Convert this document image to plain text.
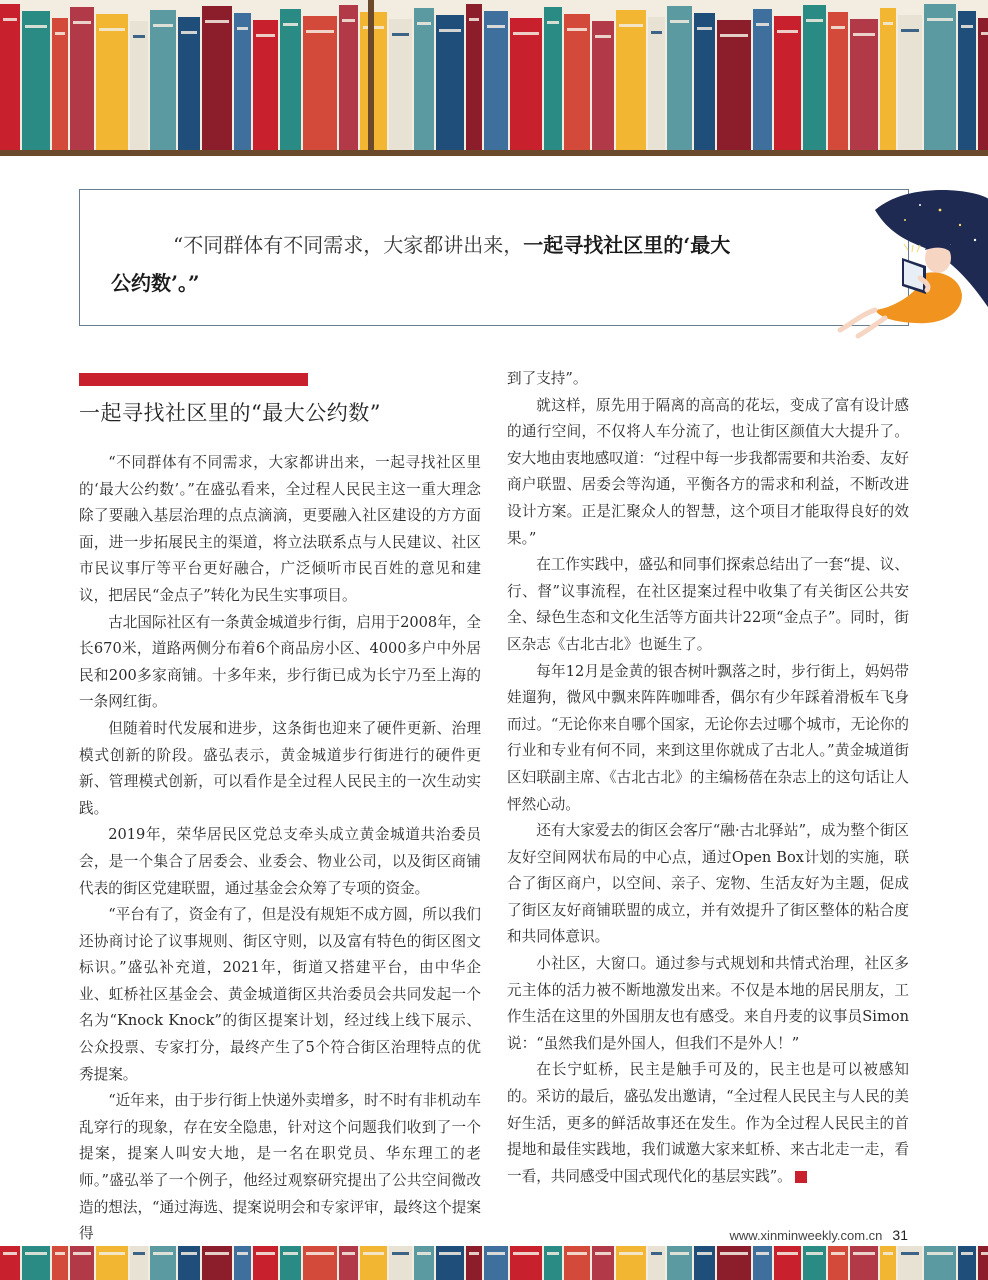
“不同群体有不同需求，大家都讲出来，一起寻找社区里的‘最大公约数’。”
一起寻找社区里的“最大公约数”

“不同群体有不同需求，大家都讲出来，一起寻找社区里的‘最大公约数’。”在盛弘看来，全过程人民民主这一重大理念除了要融入基层治理的点点滴滴，更要融入社区建设的方方面面，进一步拓展民主的渠道，将立法联系点与人民建议、社区市民议事厅等平台更好融合，广泛倾听市民百姓的意见和建议，把居民“金点子”转化为民生实事项目。

古北国际社区有一条黄金城道步行街，启用于2008年，全长670米，道路两侧分布着6个商品房小区、4000多户中外居民和200多家商铺。十多年来，步行街已成为长宁乃至上海的一条网红街。

但随着时代发展和进步，这条街也迎来了硬件更新、治理模式创新的阶段。盛弘表示，黄金城道步行街进行的硬件更新、管理模式创新，可以看作是全过程人民民主的一次生动实践。

2019年，荣华居民区党总支牵头成立黄金城道共治委员会，是一个集合了居委会、业委会、物业公司，以及街区商铺代表的街区党建联盟，通过基金会众筹了专项的资金。

“平台有了，资金有了，但是没有规矩不成方圆，所以我们还协商讨论了议事规则、街区守则，以及富有特色的街区图文标识。”盛弘补充道，2021年，街道又搭建平台，由中华企业、虹桥社区基金会、黄金城道街区共治委员会共同发起一个名为“Knock Knock”的街区提案计划，经过线上线下展示、公众投票、专家打分，最终产生了5个符合街区治理特点的优秀提案。

“近年来，由于步行街上快递外卖增多，时不时有非机动车乱穿行的现象，存在安全隐患，针对这个问题我们收到了一个提案，提案人叫安大地，是一名在职党员、华东理工的老师。”盛弘举了一个例子，他经过观察研究提出了公共空间微改造的想法，“通过海选、提案说明会和专家评审，最终这个提案得

到了支持”。

就这样，原先用于隔离的高高的花坛，变成了富有设计感的通行空间，不仅将人车分流了，也让街区颜值大大提升了。安大地由衷地感叹道：“过程中每一步我都需要和共治委、友好商户联盟、居委会等沟通，平衡各方的需求和利益，不断改进设计方案。正是汇聚众人的智慧，这个项目才能取得良好的效果。”

在工作实践中，盛弘和同事们探索总结出了一套“提、议、行、督”议事流程，在社区提案过程中收集了有关街区公共安全、绿色生态和文化生活等方面共计22项“金点子”。同时，街区杂志《古北古北》也诞生了。

每年12月是金黄的银杏树叶飘落之时，步行街上，妈妈带娃遛狗，微风中飘来阵阵咖啡香，偶尔有少年踩着滑板车飞身而过。“无论你来自哪个国家，无论你去过哪个城市，无论你的行业和专业有何不同，来到这里你就成了古北人。”黄金城道街区妇联副主席、《古北古北》的主编杨蓓在杂志上的这句话让人怦然心动。

还有大家爱去的街区会客厅“融·古北驿站”，成为整个街区友好空间网状布局的中心点，通过Open Box计划的实施，联合了街区商户，以空间、亲子、宠物、生活友好为主题，促成了街区友好商铺联盟的成立，并有效提升了街区整体的粘合度和共同体意识。

小社区，大窗口。通过参与式规划和共情式治理，社区多元主体的活力被不断地激发出来。不仅是本地的居民朋友，工作生活在这里的外国朋友也有感受。来自丹麦的议事员Simon说：“虽然我们是外国人，但我们不是外人！”

在长宁虹桥，民主是触手可及的，民主也是可以被感知的。采访的最后，盛弘发出邀请，“全过程人民民主与人民的美好生活，更多的鲜活故事还在发生。作为全过程人民民主的首提地和最佳实践地，我们诚邀大家来虹桥、来古北走一走，看一看，共同感受中国式现代化的基层实践”。	民

www.xinminweekly.com.cn 31
